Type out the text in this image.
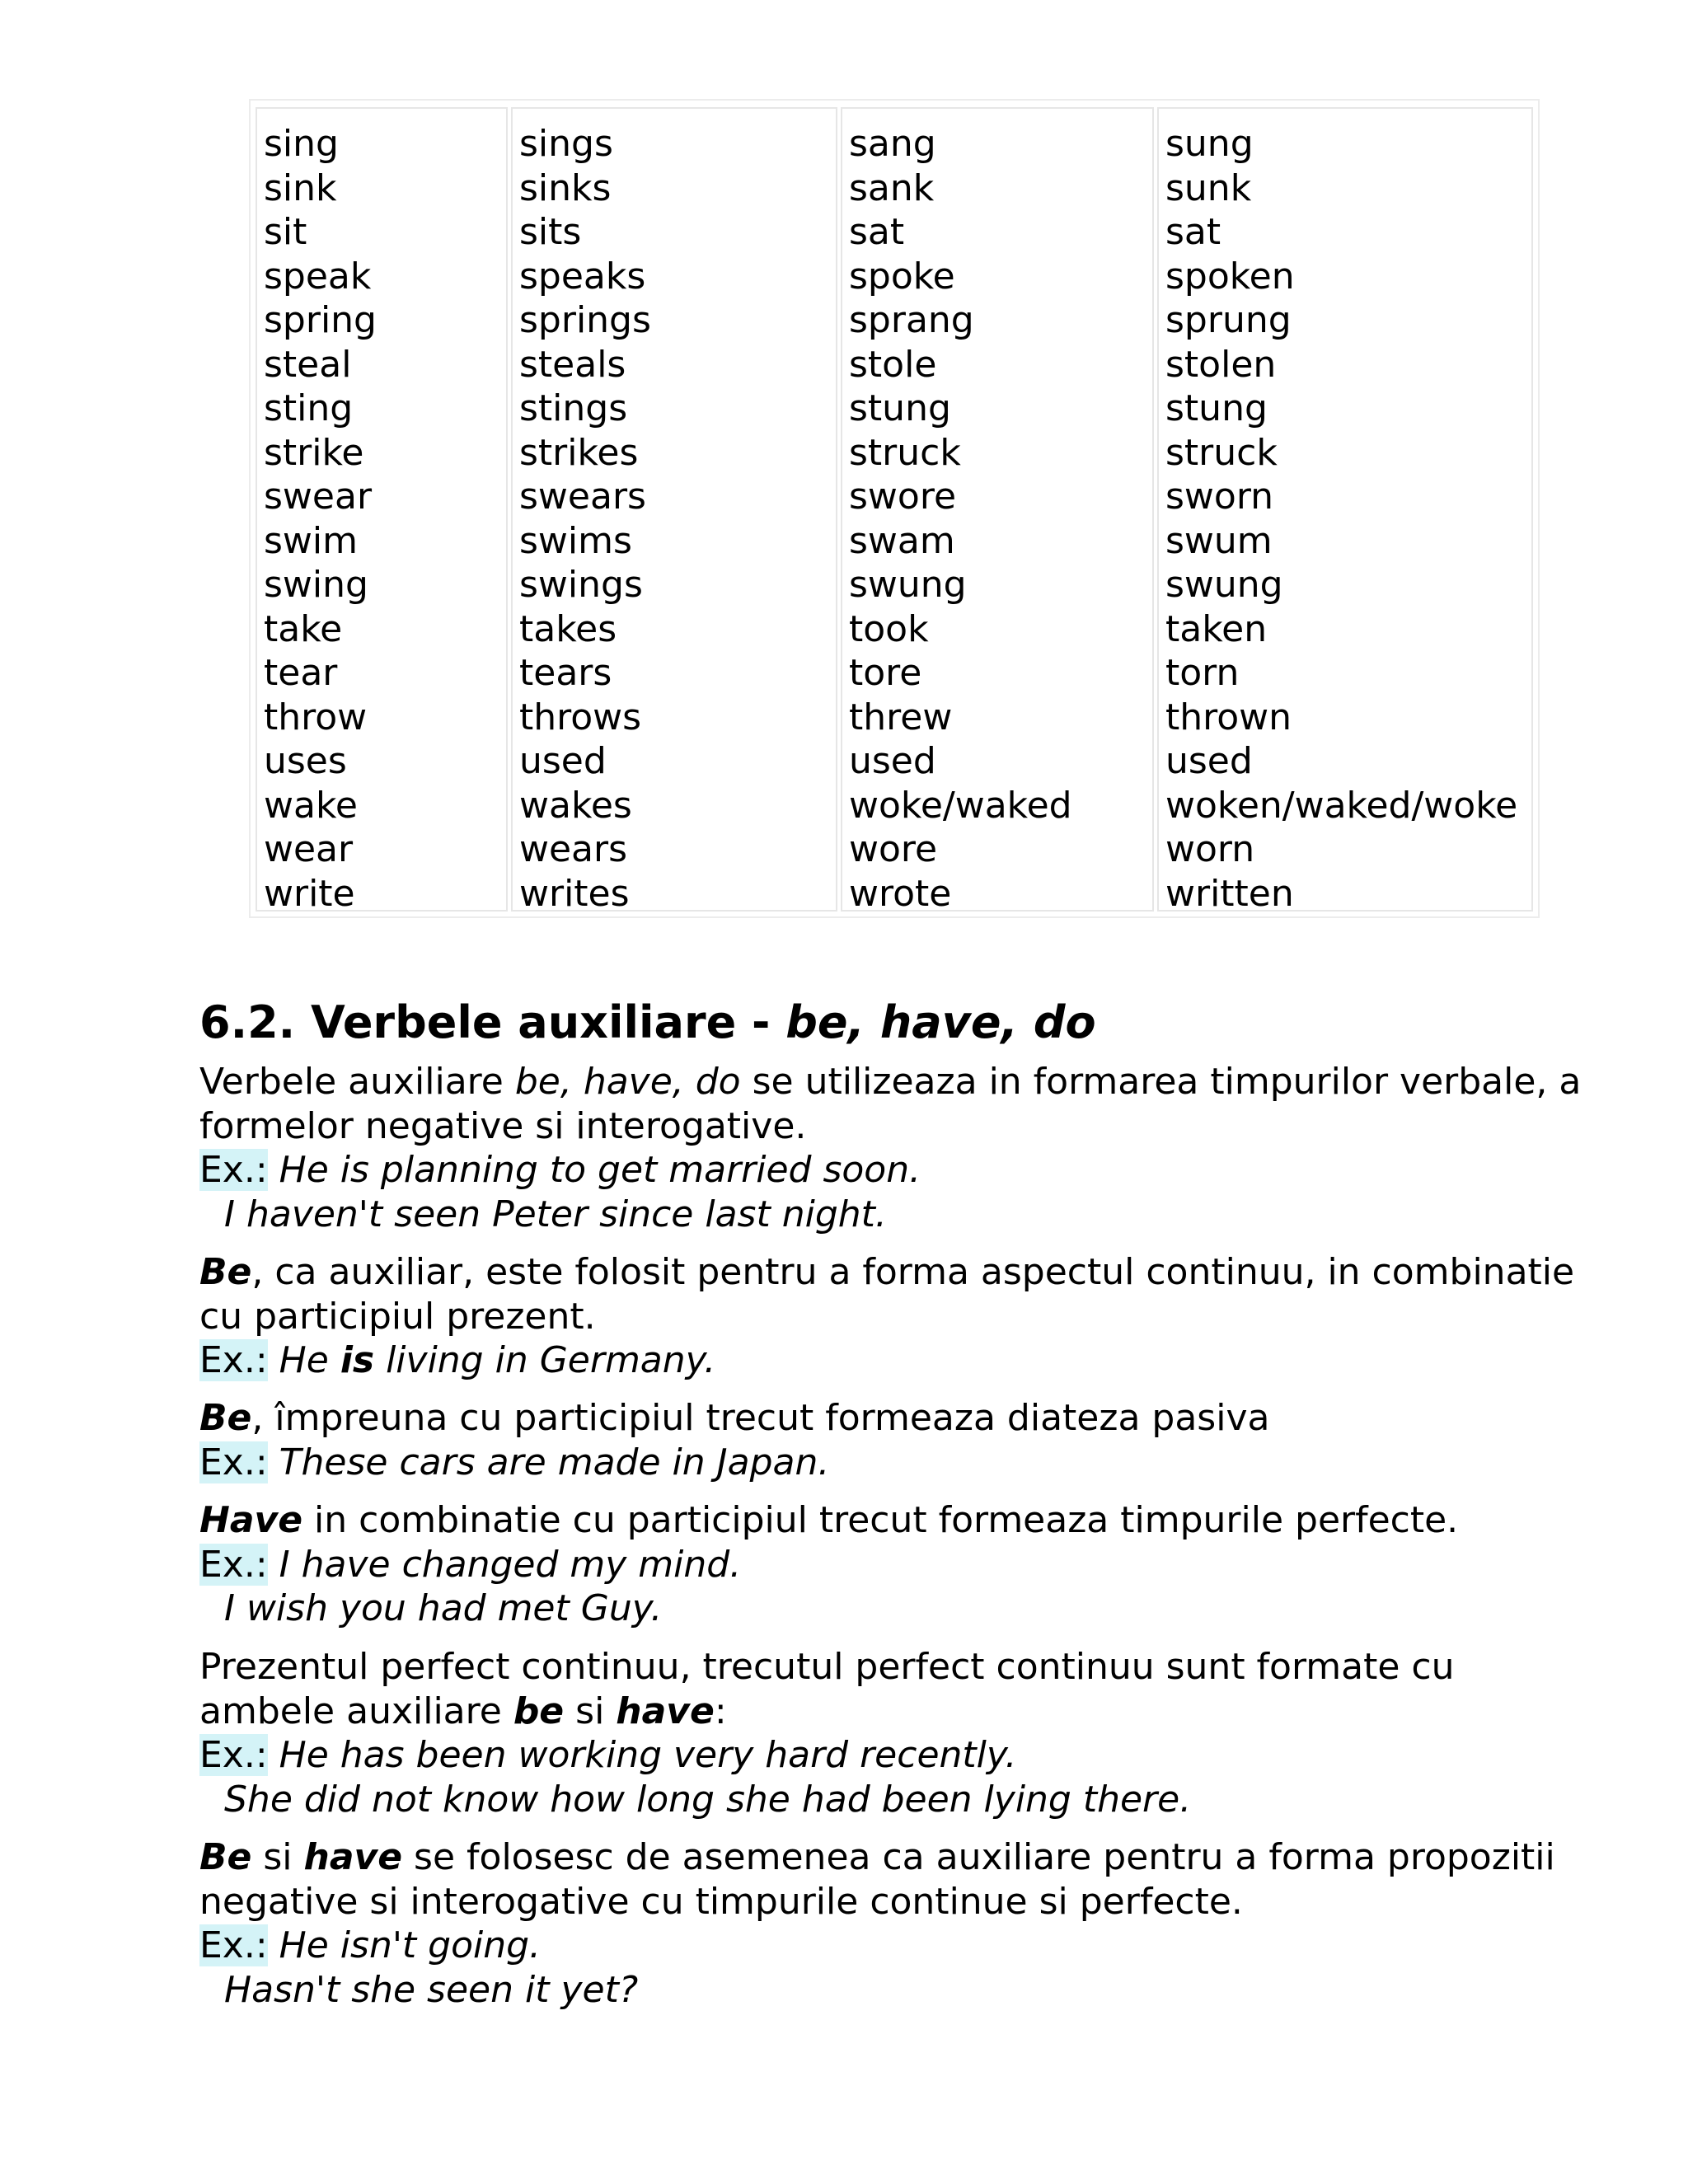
sing
sink
sit
speak
spring
steal
sting
strike
swear
swim
swing
take
tear
throw
uses
wake
wear
write
sings
sinks
sits
speaks
springs
steals
stings
strikes
swears
swims
swings
takes
tears
throws
used
wakes
wears
writes
sang
sank
sat
spoke
sprang
stole
stung
struck
swore
swam
swung
took
tore
threw
used
woke/waked
wore
wrote
sung
sunk
sat
spoken
sprung
stolen
stung
struck
sworn
swum
swung
taken
torn
thrown
used
woken/waked/woke
worn
written
6.2. Verbele auxiliare - be, have, do

Verbele auxiliare be, have, do se utilizeaza in formarea timpurilor verbale, a formelor negative si interogative.

Ex.: He is planning to get married soon.

I haven't seen Peter since last night.

Be, ca auxiliar, este folosit pentru a forma aspectul continuu, in combinatie cu participiul prezent.

Ex.: He is living in Germany.

Be, împreuna cu participiul trecut formeaza diateza pasiva

Ex.: These cars are made in Japan.

Have in combinatie cu participiul trecut formeaza timpurile perfecte.

Ex.: I have changed my mind.

I wish you had met Guy.

Prezentul perfect continuu, trecutul perfect continuu sunt formate cu ambele auxiliare be si have:

Ex.: He has been working very hard recently.

She did not know how long she had been lying there.

Be si have se folosesc de asemenea ca auxiliare pentru a forma propozitii negative si interogative cu timpurile continue si perfecte.

Ex.: He isn't going.

Hasn't she seen it yet?
